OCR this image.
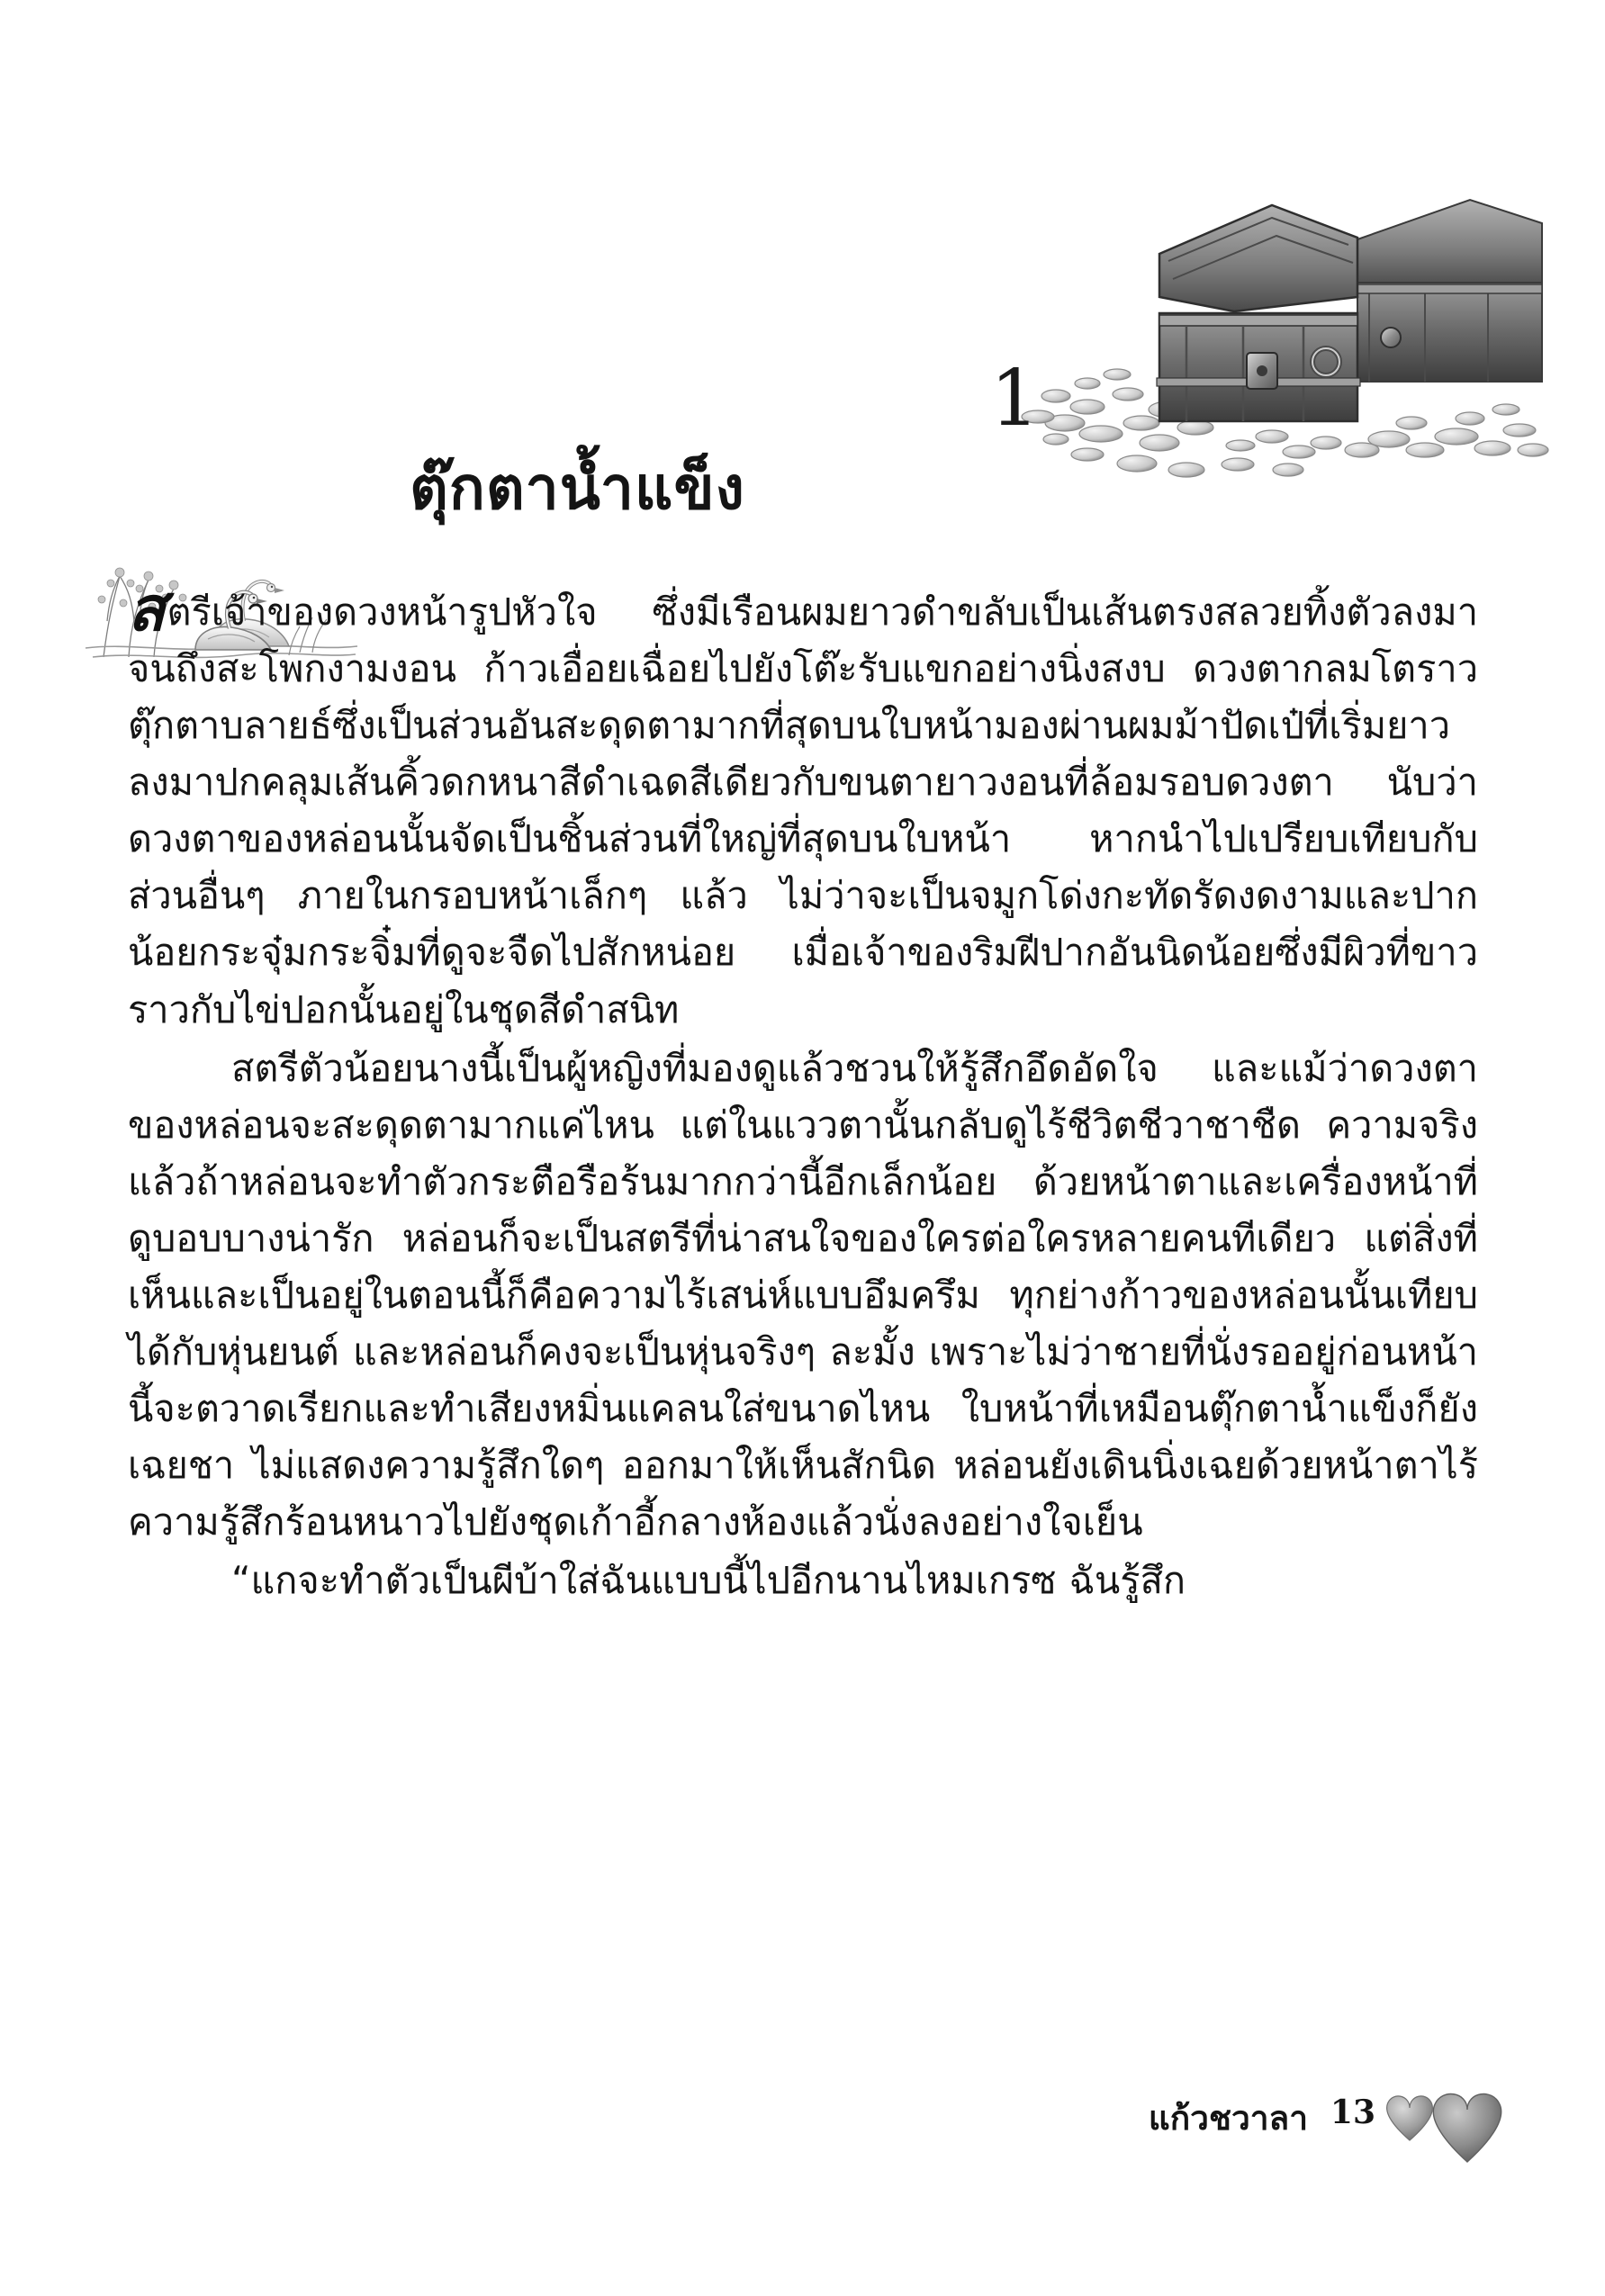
1
ตุ๊กตาน้ำแข็ง

สตรีเจ้าของดวงหน้ารูปหัวใจ ซึ่งมีเรือนผมยาวดำขลับเป็นเส้นตรงสลวยทิ้งตัวลงมาจนถึงสะโพกงามงอน ก้าวเอื่อยเฉื่อยไปยังโต๊ะรับแขกอย่างนิ่งสงบ ดวงตากลมโตราวตุ๊กตาบลายธ์ซึ่งเป็นส่วนอันสะดุดตามากที่สุดบนใบหน้ามองผ่านผมม้าปัดเป๋ที่เริ่มยาวลงมาปกคลุมเส้นคิ้วดกหนาสีดำเฉดสีเดียวกับขนตายาวงอนที่ล้อมรอบดวงตา นับว่าดวงตาของหล่อนนั้นจัดเป็นชิ้นส่วนที่ใหญ่ที่สุดบนใบหน้า หากนำไปเปรียบเทียบกับส่วนอื่นๆ ภายในกรอบหน้าเล็กๆ แล้ว ไม่ว่าจะเป็นจมูกโด่งกะทัดรัดงดงามและปากน้อยกระจุ๋มกระจิ๋มที่ดูจะจืดไปสักหน่อย เมื่อเจ้าของริมฝีปากอันนิดน้อยซึ่งมีผิวที่ขาวราวกับไข่ปอกนั้นอยู่ในชุดสีดำสนิท

สตรีตัวน้อยนางนี้เป็นผู้หญิงที่มองดูแล้วชวนให้รู้สึกอึดอัดใจ และแม้ว่าดวงตาของหล่อนจะสะดุดตามากแค่ไหน แต่ในแววตานั้นกลับดูไร้ชีวิตชีวาชาชืด ความจริงแล้วถ้าหล่อนจะทำตัวกระตือรือร้นมากกว่านี้อีกเล็กน้อย ด้วยหน้าตาและเครื่องหน้าที่ดูบอบบางน่ารัก หล่อนก็จะเป็นสตรีที่น่าสนใจของใครต่อใครหลายคนทีเดียว แต่สิ่งที่เห็นและเป็นอยู่ในตอนนี้ก็คือความไร้เสน่ห์แบบอึมครึม ทุกย่างก้าวของหล่อนนั้นเทียบได้กับหุ่นยนต์ และหล่อนก็คงจะเป็นหุ่นจริงๆ ละมั้ง เพราะไม่ว่าชายที่นั่งรออยู่ก่อนหน้านี้จะตวาดเรียกและทำเสียงหมิ่นแคลนใส่ขนาดไหน ใบหน้าที่เหมือนตุ๊กตาน้ำแข็งก็ยังเฉยชา ไม่แสดงความรู้สึกใดๆ ออกมาให้เห็นสักนิด หล่อนยังเดินนิ่งเฉยด้วยหน้าตาไร้ความรู้สึกร้อนหนาวไปยังชุดเก้าอี้กลางห้องแล้วนั่งลงอย่างใจเย็น

“แกจะทำตัวเป็นผีบ้าใส่ฉันแบบนี้ไปอีกนานไหมเกรซ ฉันรู้สึก

แก้วชวาลา 13
